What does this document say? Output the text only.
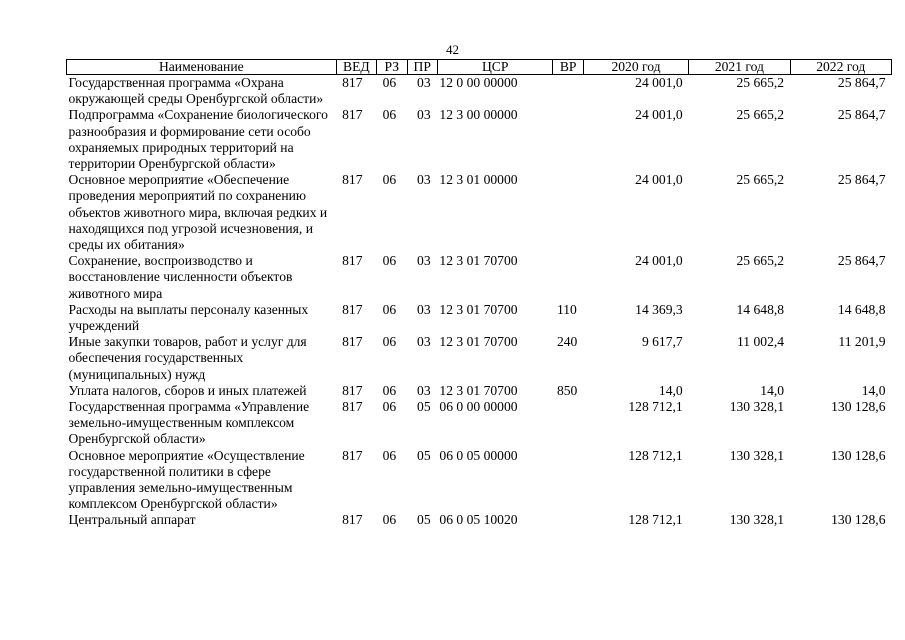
42
Наименование	ВЕД	РЗ	ПР	ЦСР	ВР	2020 год	2021 год	2022 год
Государственная программа «Охрана окружающей среды Оренбургской области»	817	06	03	12 0 00 00000		24 001,0	25 665,2	25 864,7
Подпрограмма «Сохранение биологического разнообразия и формирование сети особо охраняемых природных территорий на территории Оренбургской области»	817	06	03	12 3 00 00000		24 001,0	25 665,2	25 864,7
Основное мероприятие «Обеспечение проведения мероприятий по сохранению объектов животного мира, включая редких и находящихся под угрозой исчезновения, и среды их обитания»	817	06	03	12 3 01 00000		24 001,0	25 665,2	25 864,7
Сохранение, воспроизводство и восстановление численности объектов животного мира	817	06	03	12 3 01 70700		24 001,0	25 665,2	25 864,7
Расходы на выплаты персоналу казенных учреждений	817	06	03	12 3 01 70700	110	14 369,3	14 648,8	14 648,8
Иные закупки товаров, работ и услуг для обеспечения государственных (муниципальных) нужд	817	06	03	12 3 01 70700	240	9 617,7	11 002,4	11 201,9
Уплата налогов, сборов и иных платежей	817	06	03	12 3 01 70700	850	14,0	14,0	14,0
Государственная программа «Управление земельно-имущественным комплексом Оренбургской области»	817	06	05	06 0 00 00000		128 712,1	130 328,1	130 128,6
Основное мероприятие «Осуществление государственной политики в сфере управления земельно-имущественным комплексом Оренбургской области»	817	06	05	06 0 05 00000		128 712,1	130 328,1	130 128,6
Центральный аппарат	817	06	05	06 0 05 10020		128 712,1	130 328,1	130 128,6
